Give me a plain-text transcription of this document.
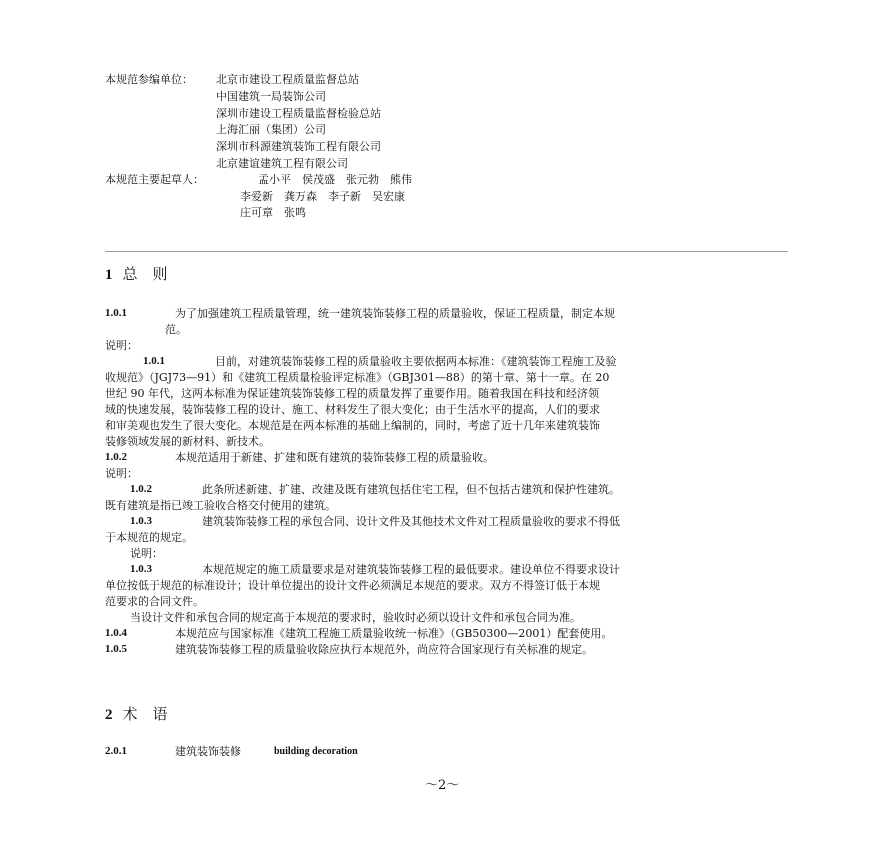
本规范参编单位： 北京市建设工程质量监督总站
中国建筑一局装饰公司
深圳市建设工程质量监督检验总站
上海汇丽（集团）公司
深圳市科源建筑装饰工程有限公司
北京建谊建筑工程有限公司
本规范主要起草人：	孟小平　侯茂盛　张元勃　熊伟
李爱新　龚万森　李子新　吴宏康
庄可章　张鸣
1 总　则
1.0.1	为了加强建筑工程质量管理，统一建筑装饰装修工程的质量验收，保证工程质量，制定本规
范。
说明：
1.0.1	目前，对建筑装饰装修工程的质量验收主要依据两本标准：《建筑装饰工程施工及验
收规范》（JGJ73—91）和《建筑工程质量检验评定标准》（GBJ301—88）的第十章、第十一章。在 20
世纪 90 年代，这两本标准为保证建筑装饰装修工程的质量发挥了重要作用。随着我国在科技和经济领
域的快速发展，装饰装修工程的设计、施工、材料发生了很大变化；由于生活水平的提高，人们的要求
和审美观也发生了很大变化。本规范是在两本标准的基础上编制的，同时，考虑了近十几年来建筑装饰
装修领域发展的新材料、新技术。
1.0.2	本规范适用于新建、扩建和既有建筑的装饰装修工程的质量验收。
说明：
1.0.2	此条所述新建、扩建、改建及既有建筑包括住宅工程，但不包括古建筑和保护性建筑。
既有建筑是指已竣工验收合格交付使用的建筑。
1.0.3	建筑装饰装修工程的承包合同、设计文件及其他技术文件对工程质量验收的要求不得低
于本规范的规定。
说明：
1.0.3	本规范规定的施工质量要求是对建筑装饰装修工程的最低要求。建设单位不得要求设计
单位按低于规范的标准设计；设计单位提出的设计文件必须满足本规范的要求。双方不得签订低于本规
范要求的合同文件。
当设计文件和承包合同的规定高于本规范的要求时，验收时必须以设计文件和承包合同为准。
1.0.4	本规范应与国家标准《建筑工程施工质量验收统一标准》（GB50300—2001）配套使用。
1.0.5	建筑装饰装修工程的质量验收除应执行本规范外，尚应符合国家现行有关标准的规定。
2 术　语
2.0.1	建筑装饰装修	building decoration
～2～
